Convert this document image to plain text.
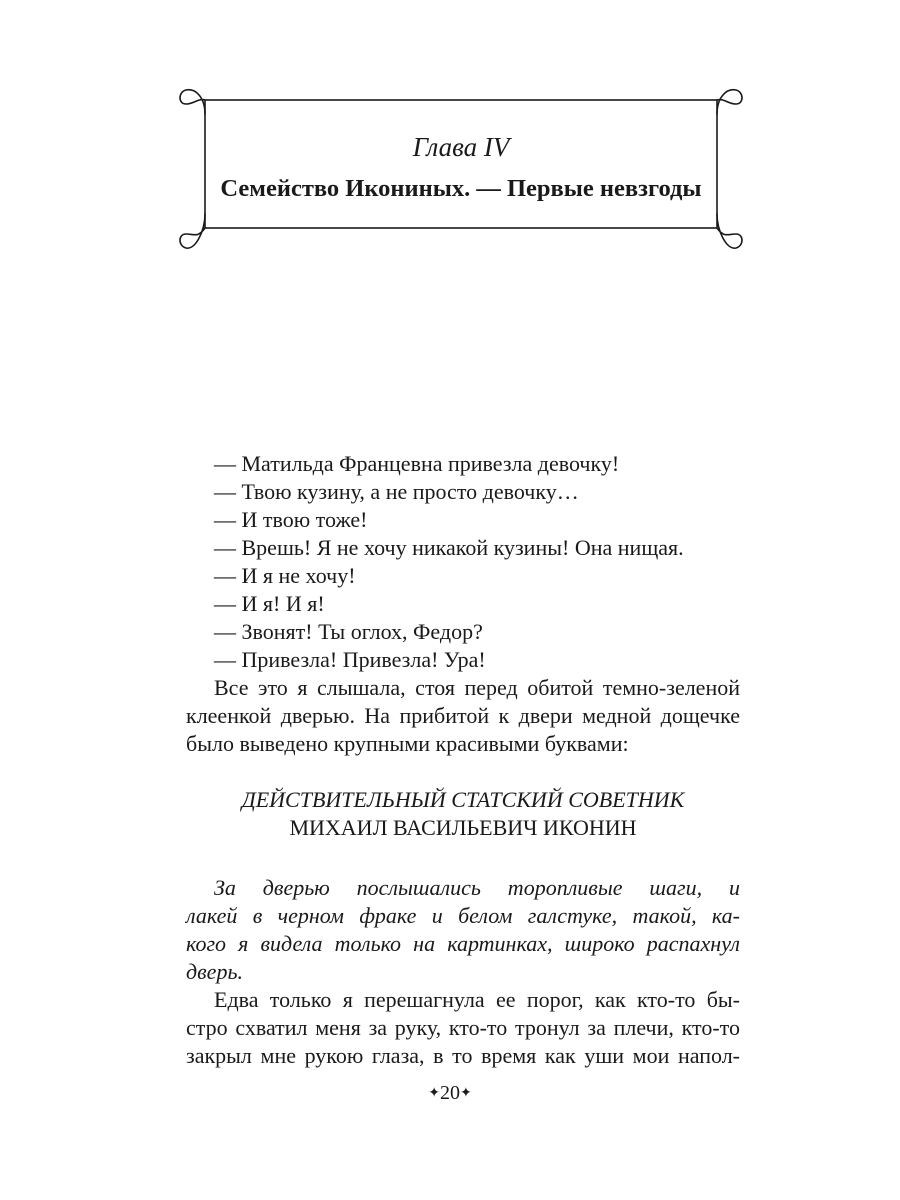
Глава IV
Семейство Икониных. — Первые невзгоды
— Матильда Францевна привезла девочку!
— Твою кузину, а не просто девочку…
— И твою тоже!
— Врешь! Я не хочу никакой кузины! Она нищая.
— И я не хочу!
— И я! И я!
— Звонят! Ты оглох, Федор?
— Привезла! Привезла! Ура!
Все это я слышала, стоя перед обитой темно-зеленой
клеенкой дверью. На прибитой к двери медной дощечке
было выведено крупными красивыми буквами:
ДЕЙСТВИТЕЛЬНЫЙ СТАТСКИЙ СОВЕТНИК
МИХАИЛ ВАСИЛЬЕВИЧ ИКОНИН
За дверью послышались торопливые шаги, и
лакей в черном фраке и белом галстуке, такой, ка-
кого я видела только на картинках, широко распахнул
дверь.
Едва только я перешагнула ее порог, как кто-то бы-
стро схватил меня за руку, кто-то тронул за плечи, кто-то
закрыл мне рукою глаза, в то время как уши мои напол-
✦20✦
